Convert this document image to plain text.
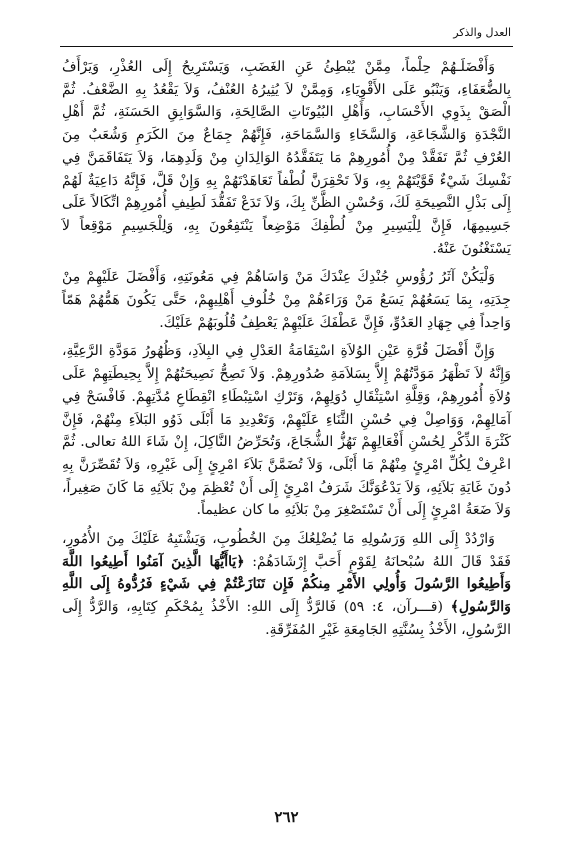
العدل والذكر

وَأَفْضَلَـهُمْ حِلْماً، مِمَّنْ يُبْطِئُ عَنِ الغَضَبِ، وَيَسْتَرِيحُ إِلَى العُذْرِ، وَيَرْأَفُ بِالضُّعَفَاءِ، وَيَنْبُو عَلَى الأَقْوِيَاءِ، وَمِمَّنْ لاَ يُثِيرُهُ العُنْفُ، وَلاَ يَقْعُدُ بِهِ الضَّعْفُ. ثُمَّ الْصَقْ بِذَوِي الأَحْسَابِ، وَأَهْلِ البُيُوتَاتِ الصَّالِحَةِ، وَالسَّوَابِقِ الحَسَنَةِ، ثُمَّ أَهْلِ النَّجْدَةِ وَالشَّجَاعَةِ، وَالسَّخَاءِ وَالسَّمَاحَةِ، فَإِنَّهُمْ جِمَاعٌ مِنَ الكَرَمِ وَشُعَبٌ مِنَ العُرْفِ ثُمَّ تَفَقَّدْ مِنْ أُمُورِهِمْ مَا يَتَفَقَّدُهُ الوَالِدَانِ مِنْ وَلَدِهِمَا، وَلاَ يَتَفَاقَمَنَّ فِي نَفْسِكَ شَيْءٌ قَوَّيْتَهُمْ بِهِ، وَلاَ تَحْقِرَنَّ لُطْفاً تَعَاهَدْتَهُمْ بِهِ وَإِنْ قَلَّ، فَإِنَّهُ دَاعِيَةٌ لَهُمْ إِلَى بَذْلِ النَّصِيحَةِ لَكَ، وَحُسْنِ الظَّنِّ بِكَ، وَلاَ تَدَعْ تَفَقُّدَ لَطِيفِ أُمُورِهِمْ اتِّكَالاً عَلَى جَسِيمِهَا، فَإِنَّ لِلْيَسِيرِ مِنْ لُطْفِكَ مَوْضِعاً يَنْتَفِعُونَ بِهِ، وَلِلْجَسِيمِ مَوْقِعاً لاَ يَسْتَغْنُونَ عَنْهُ.

وَلْيَكُنْ آثَرُ رُؤُوسِ جُنْدِكَ عِنْدَكَ مَنْ وَاسَاهُمْ فِي مَعُونَتِهِ، وَأَفْضَلَ عَلَيْهِمْ مِنْ جِدَتِهِ، بِمَا يَسَعُهُمْ يَسَعُ مَنْ وَرَاءَهُمْ مِنْ خُلُوفِ أَهْلِيهِمْ، حَتَّى يَكُونَ هَمُّهُمْ هَمّاً وَاحِداً فِي جِهَادِ العَدُوِّ، فَإِنَّ عَطْفَكَ عَلَيْهِمْ يَعْطِفُ قُلُوبَهُمْ عَلَيْكَ.

وَإِنَّ أَفْضَلَ قُرَّةِ عَيْنِ الوُلاَةِ اسْتِقَامَةُ العَدْلِ فِي البِلاَدِ، وَظُهُورُ مَوَدَّةِ الرَّعِيَّةِ، وَإِنَّهُ لاَ تَظْهَرُ مَوَدَّتُهُمْ إِلاَّ بِسَلاَمَةِ صُدُورِهِمْ. وَلاَ تَصِحُّ نَصِيحَتُهُمْ إِلاَّ بِحِيطَتِهِمْ عَلَى وُلاَةِ أُمُورِهِمْ، وَقِلَّةِ اسْتِثْقَالِ دُوَلِهِمْ، وَتَرْكِ اسْتِبْطَاءِ انْقِطَاعِ مُدَّتِهِمْ. فَافْسَحْ فِي آمَالِهِمْ، وَوَاصِلْ فِي حُسْنِ الثَّنَاءِ عَلَيْهِمْ، وَتَعْدِيدِ مَا أَبْلَى ذَوُو البَلاَءِ مِنْهُمْ، فَإِنَّ كَثْرَةَ الذِّكْرِ لِحُسْنِ أَفْعَالِهِمْ تَهُزُّ الشُّجَاعَ، وَتُحَرِّضُ النَّاكِلَ، إِنْ شَاءَ اللهُ تعالى. ثُمَّ اعْرِفْ لِكُلِّ امْرِئٍ مِنْهُمْ مَا أَبْلَى، وَلاَ تُضَمَّنَّ بَلاَءَ امْرِئٍ إِلَى غَيْرِهِ، وَلاَ تُقَصِّرَنَّ بِهِ دُونَ غَايَةِ بَلاَئِهِ، وَلاَ يَدْعُوَنَّكَ شَرَفُ امْرِئٍ إِلَى أَنْ تُعْظِمَ مِنْ بَلاَئِهِ مَا كَانَ صَغِيراً، وَلاَ ضَعَةُ امْرِئٍ إِلَى أَنْ تَسْتَصْغِرَ مِنْ بَلاَئِهِ ما كان عظيماً.

وَارْدُدْ إِلَى اللهِ وَرَسُولِهِ مَا يُضْلِعُكَ مِنَ الخُطُوبِ، وَيَشْتَبِهُ عَلَيْكَ مِنَ الأُمُورِ، فَقَدْ قَالَ اللهُ سُبْحانَهُ لِقَوْمٍ أَحَبَّ إِرْشَادَهُمْ: ﴿يَاأَيُّهَا الَّذِينَ آمَنُوا أَطِيعُوا اللَّهَ وَأَطِيعُوا الرَّسُولَ وَأُولِي الأَمْرِ مِنكُمْ فَإِن تَنَازَعْتُمْ فِي شَيْءٍ فَرُدُّوهُ إِلَى اللَّهِ وَالرَّسُولِ﴾ (قـــرآن، ٤: ٥٩) فَالرَّدُّ إِلَى اللهِ: الأَخْذُ بِمُحْكَمِ كِتَابِهِ، وَالرَّدُّ إِلَى الرَّسُولِ، الأَخْذُ بِسُنَّتِهِ الجَامِعَةِ غَيْرِ المُفَرِّقَةِ.

٢٦٢
